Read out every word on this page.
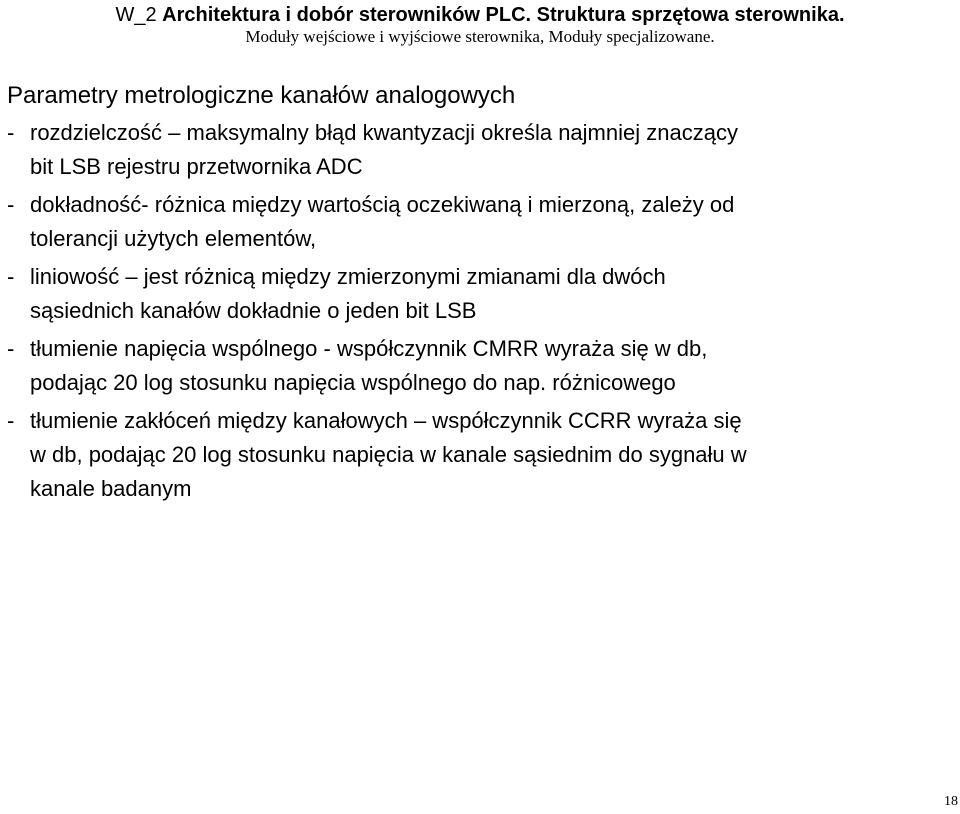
W_2 Architektura i dobór sterowników PLC. Struktura sprzętowa sterownika.
Moduły wejściowe i wyjściowe sterownika, Moduły specjalizowane.
Parametry metrologiczne kanałów analogowych
- rozdzielczość – maksymalny błąd kwantyzacji określa najmniej znaczący
bit LSB rejestru przetwornika ADC
- dokładność- różnica między wartością oczekiwaną i mierzoną, zależy od
tolerancji użytych elementów,
- liniowość – jest różnicą między zmierzonymi zmianami dla dwóch
sąsiednich kanałów dokładnie o jeden bit LSB
- tłumienie napięcia wspólnego - współczynnik CMRR wyraża się w db,
podając 20 log stosunku napięcia wspólnego do nap. różnicowego
- tłumienie zakłóceń między kanałowych – współczynnik CCRR wyraża się
w db, podając 20 log stosunku napięcia w kanale sąsiednim do sygnału w
kanale badanym
18
